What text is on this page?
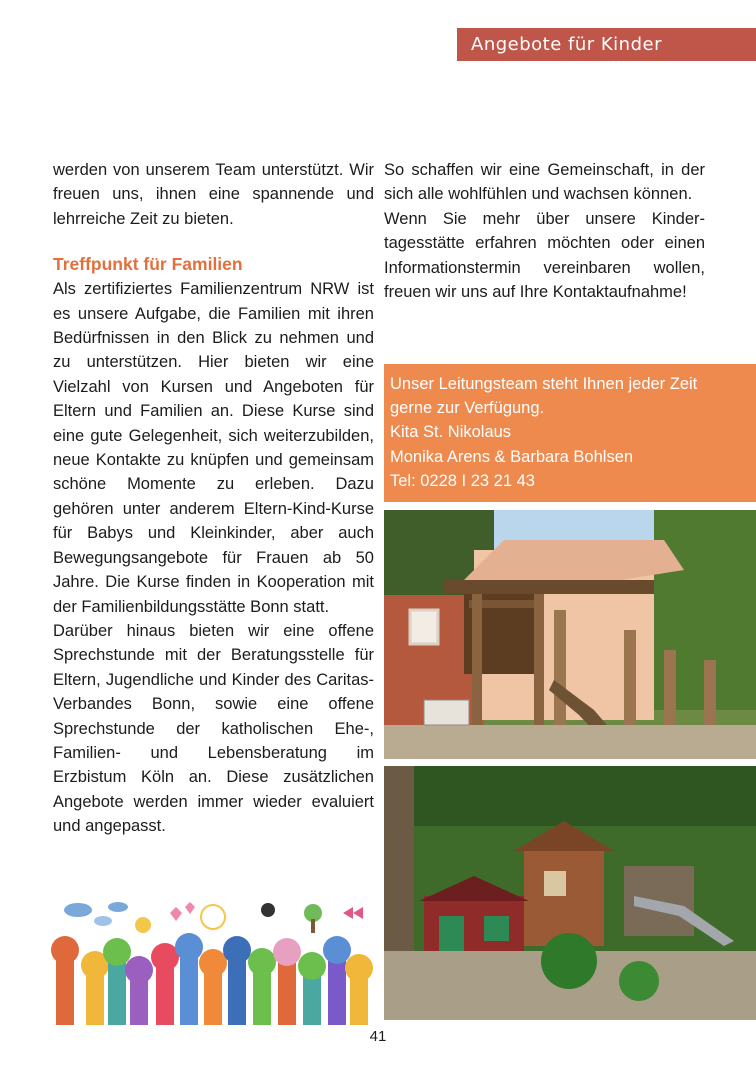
Angebote für Kinder

werden von unserem Team unterstützt. Wir freuen uns, ihnen eine spannende und lehrreiche Zeit zu bieten.

Treffpunkt für Familien

Als zertifiziertes Familienzentrum NRW ist es unsere Aufgabe, die Familien mit ihren Bedürfnissen in den Blick zu nehmen und zu unterstützen. Hier bieten wir eine Vielzahl von Kursen und Angeboten für Eltern und Familien an. Diese Kurse sind eine gute Gelegenheit, sich weiterzubilden, neue Kontakte zu knüpfen und gemeinsam schöne Momente zu erleben. Dazu gehören unter anderem Eltern-Kind-Kurse für Babys und Kleinkinder, aber auch Bewegungsangebote für Frauen ab 50 Jahre. Die Kurse finden in Kooperation mit der Familienbildungsstätte Bonn statt.

Darüber hinaus bieten wir eine offene Sprechstunde mit der Beratungsstelle für Eltern, Jugendliche und Kinder des Caritas-Verbandes Bonn, sowie eine offene Sprechstunde der katholischen Ehe-, Familien- und Lebensberatung im Erzbistum Köln an. Diese zusätzlichen Angebote werden immer wieder evaluiert und angepasst.

So schaffen wir eine Gemeinschaft, in der sich alle wohlfühlen und wachsen können.

Wenn Sie mehr über unsere Kinder-tagesstätte erfahren möchten oder einen Informationstermin vereinbaren wollen, freuen wir uns auf Ihre Kontaktaufnahme!

Unser Leitungsteam steht Ihnen jeder Zeit gerne zur Verfügung.

Kita St. Nikolaus

Monika Arens & Barbara Bohlsen

Tel: 0228 I 23 21 43

41
